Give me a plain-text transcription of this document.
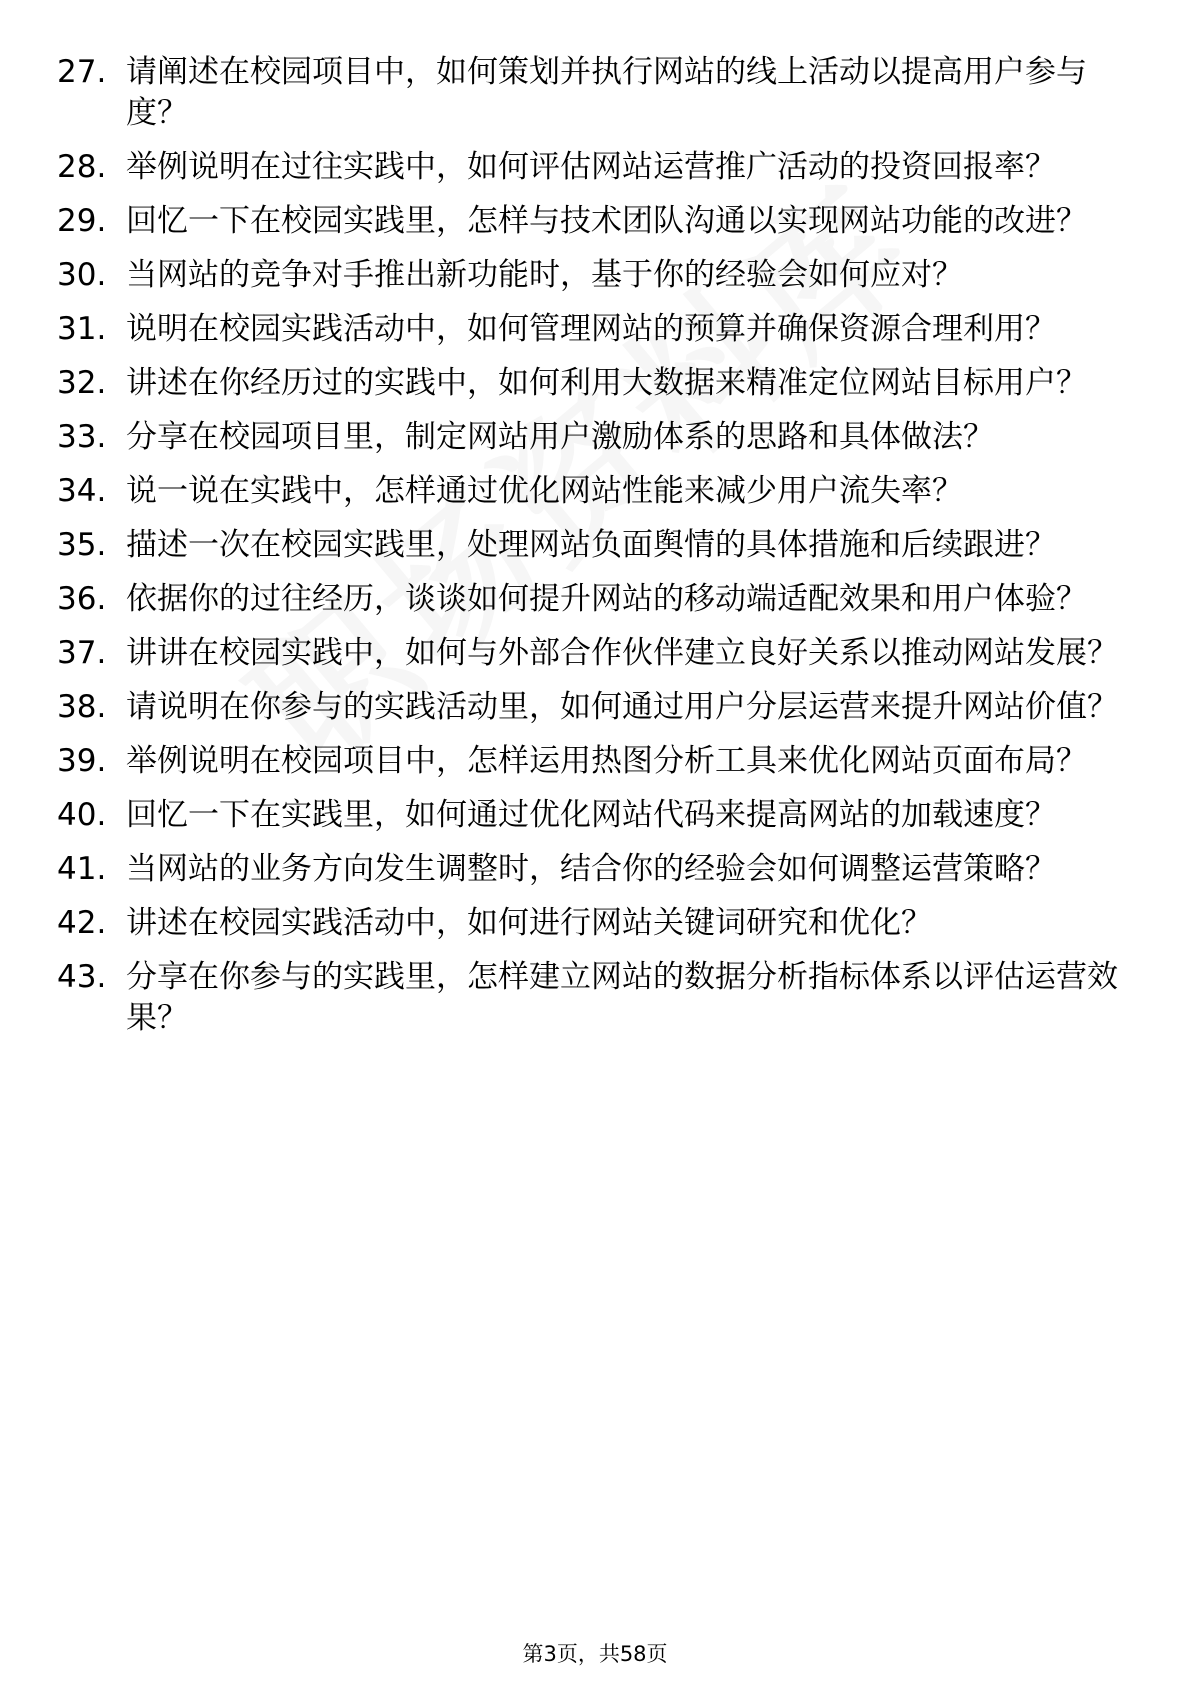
27. 请阐述在校园项目中，如何策划并执行网站的线上活动以提高用户参与度？
28. 举例说明在过往实践中，如何评估网站运营推广活动的投资回报率？
29. 回忆一下在校园实践里，怎样与技术团队沟通以实现网站功能的改进？
30. 当网站的竞争对手推出新功能时，基于你的经验会如何应对？
31. 说明在校园实践活动中，如何管理网站的预算并确保资源合理利用？
32. 讲述在你经历过的实践中，如何利用大数据来精准定位网站目标用户？
33. 分享在校园项目里，制定网站用户激励体系的思路和具体做法？
34. 说一说在实践中，怎样通过优化网站性能来减少用户流失率？
35. 描述一次在校园实践里，处理网站负面舆情的具体措施和后续跟进？
36. 依据你的过往经历，谈谈如何提升网站的移动端适配效果和用户体验？
37. 讲讲在校园实践中，如何与外部合作伙伴建立良好关系以推动网站发展？
38. 请说明在你参与的实践活动里，如何通过用户分层运营来提升网站价值？
39. 举例说明在校园项目中，怎样运用热图分析工具来优化网站页面布局？
40. 回忆一下在实践里，如何通过优化网站代码来提高网站的加载速度？
41. 当网站的业务方向发生调整时，结合你的经验会如何调整运营策略？
42. 讲述在校园实践活动中，如何进行网站关键词研究和优化？
43. 分享在你参与的实践里，怎样建立网站的数据分析指标体系以评估运营效果？
第3页，共58页
